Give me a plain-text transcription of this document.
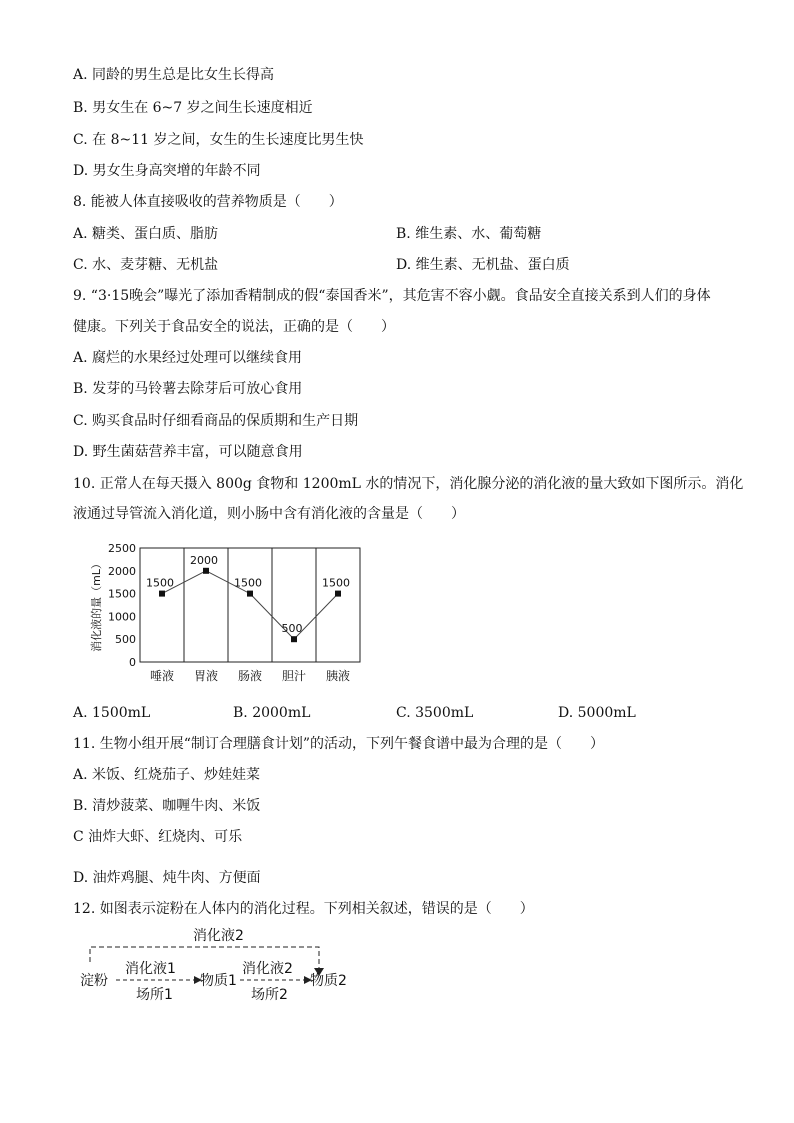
A. 同龄的男生总是比女生长得高
B. 男女生在 6~7 岁之间生长速度相近
C. 在 8~11 岁之间，女生的生长速度比男生快
D. 男女生身高突增的年龄不同
8. 能被人体直接吸收的营养物质是（　　）
A. 糖类、蛋白质、脂肪	B. 维生素、水、葡萄糖
C. 水、麦芽糖、无机盐	D. 维生素、无机盐、蛋白质
9. “3·15晚会”曝光了添加香精制成的假“泰国香米”，其危害不容小觑。食品安全直接关系到人们的身体
健康。下列关于食品安全的说法，正确的是（　　）
A. 腐烂的水果经过处理可以继续食用
B. 发芽的马铃薯去除芽后可放心食用
C. 购买食品时仔细看商品的保质期和生产日期
D. 野生菌菇营养丰富，可以随意食用
10. 正常人在每天摄入 800g 食物和 1200mL 水的情况下，消化腺分泌的消化液的量大致如下图所示。消化
液通过导管流入消化道，则小肠中含有消化液的含量是（　　）
消化液的量（mL）
0
500
1000
1500
2000
2500
1500
2000
1500
500
1500
唾液 胃液 肠液 胆汁 胰液
A. 1500mL	B. 2000mL	C. 3500mL	D. 5000mL
11. 生物小组开展“制订合理膳食计划”的活动，下列午餐食谱中最为合理的是（　　）
A. 米饭、红烧茄子、炒娃娃菜
B. 清炒菠菜、咖喱牛肉、米饭
C 油炸大虾、红烧肉、可乐
D. 油炸鸡腿、炖牛肉、方便面
12. 如图表示淀粉在人体内的消化过程。下列相关叙述，错误的是（　　）
消化液2
淀粉
消化液1
场所1
物质1
消化液2
场所2
物质2
